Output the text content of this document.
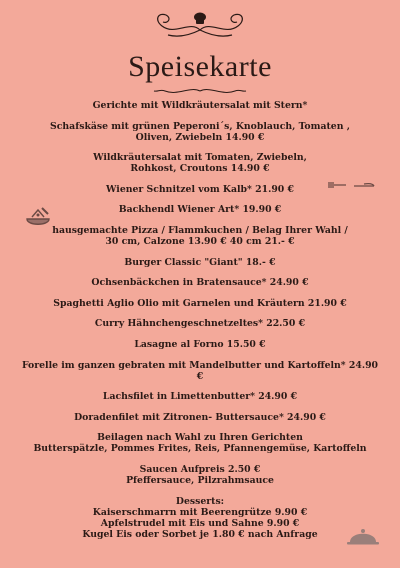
Speisekarte
Gerichte mit Wildkräutersalat mit Stern*
Schafskäse mit grünen Peperoni´s, Knoblauch, Tomaten ,
Oliven, Zwiebeln 14.90 €
Wildkräutersalat mit Tomaten, Zwiebeln,
Rohkost, Croutons 14.90 €
Wiener Schnitzel vom Kalb* 21.90 €
Backhendl Wiener Art* 19.90 €
hausgemachte Pizza / Flammkuchen / Belag Ihrer Wahl /
30 cm, Calzone 13.90 € 40 cm 21.- €
Burger Classic "Giant" 18.- €
Ochsenbäckchen in Bratensauce* 24.90 €
Spaghetti Aglio Olio mit Garnelen und Kräutern 21.90 €
Curry Hähnchengeschnetzeltes* 22.50 €
Lasagne al Forno 15.50 €
Forelle im ganzen gebraten mit Mandelbutter und Kartoffeln* 24.90 €
Lachsfilet in Limettenbutter* 24.90 €
Doradenfilet mit Zitronen- Buttersauce* 24.90 €
Beilagen nach Wahl zu Ihren Gerichten
Butterspätzle, Pommes Frites, Reis, Pfannengemüse, Kartoffeln
Saucen Aufpreis 2.50 €
Pfeffersauce, Pilzrahmsauce
Desserts:
Kaiserschmarrn mit Beerengrütze 9.90 €
Apfelstrudel mit Eis und Sahne 9.90 €
Kugel Eis oder Sorbet je 1.80 € nach Anfrage
